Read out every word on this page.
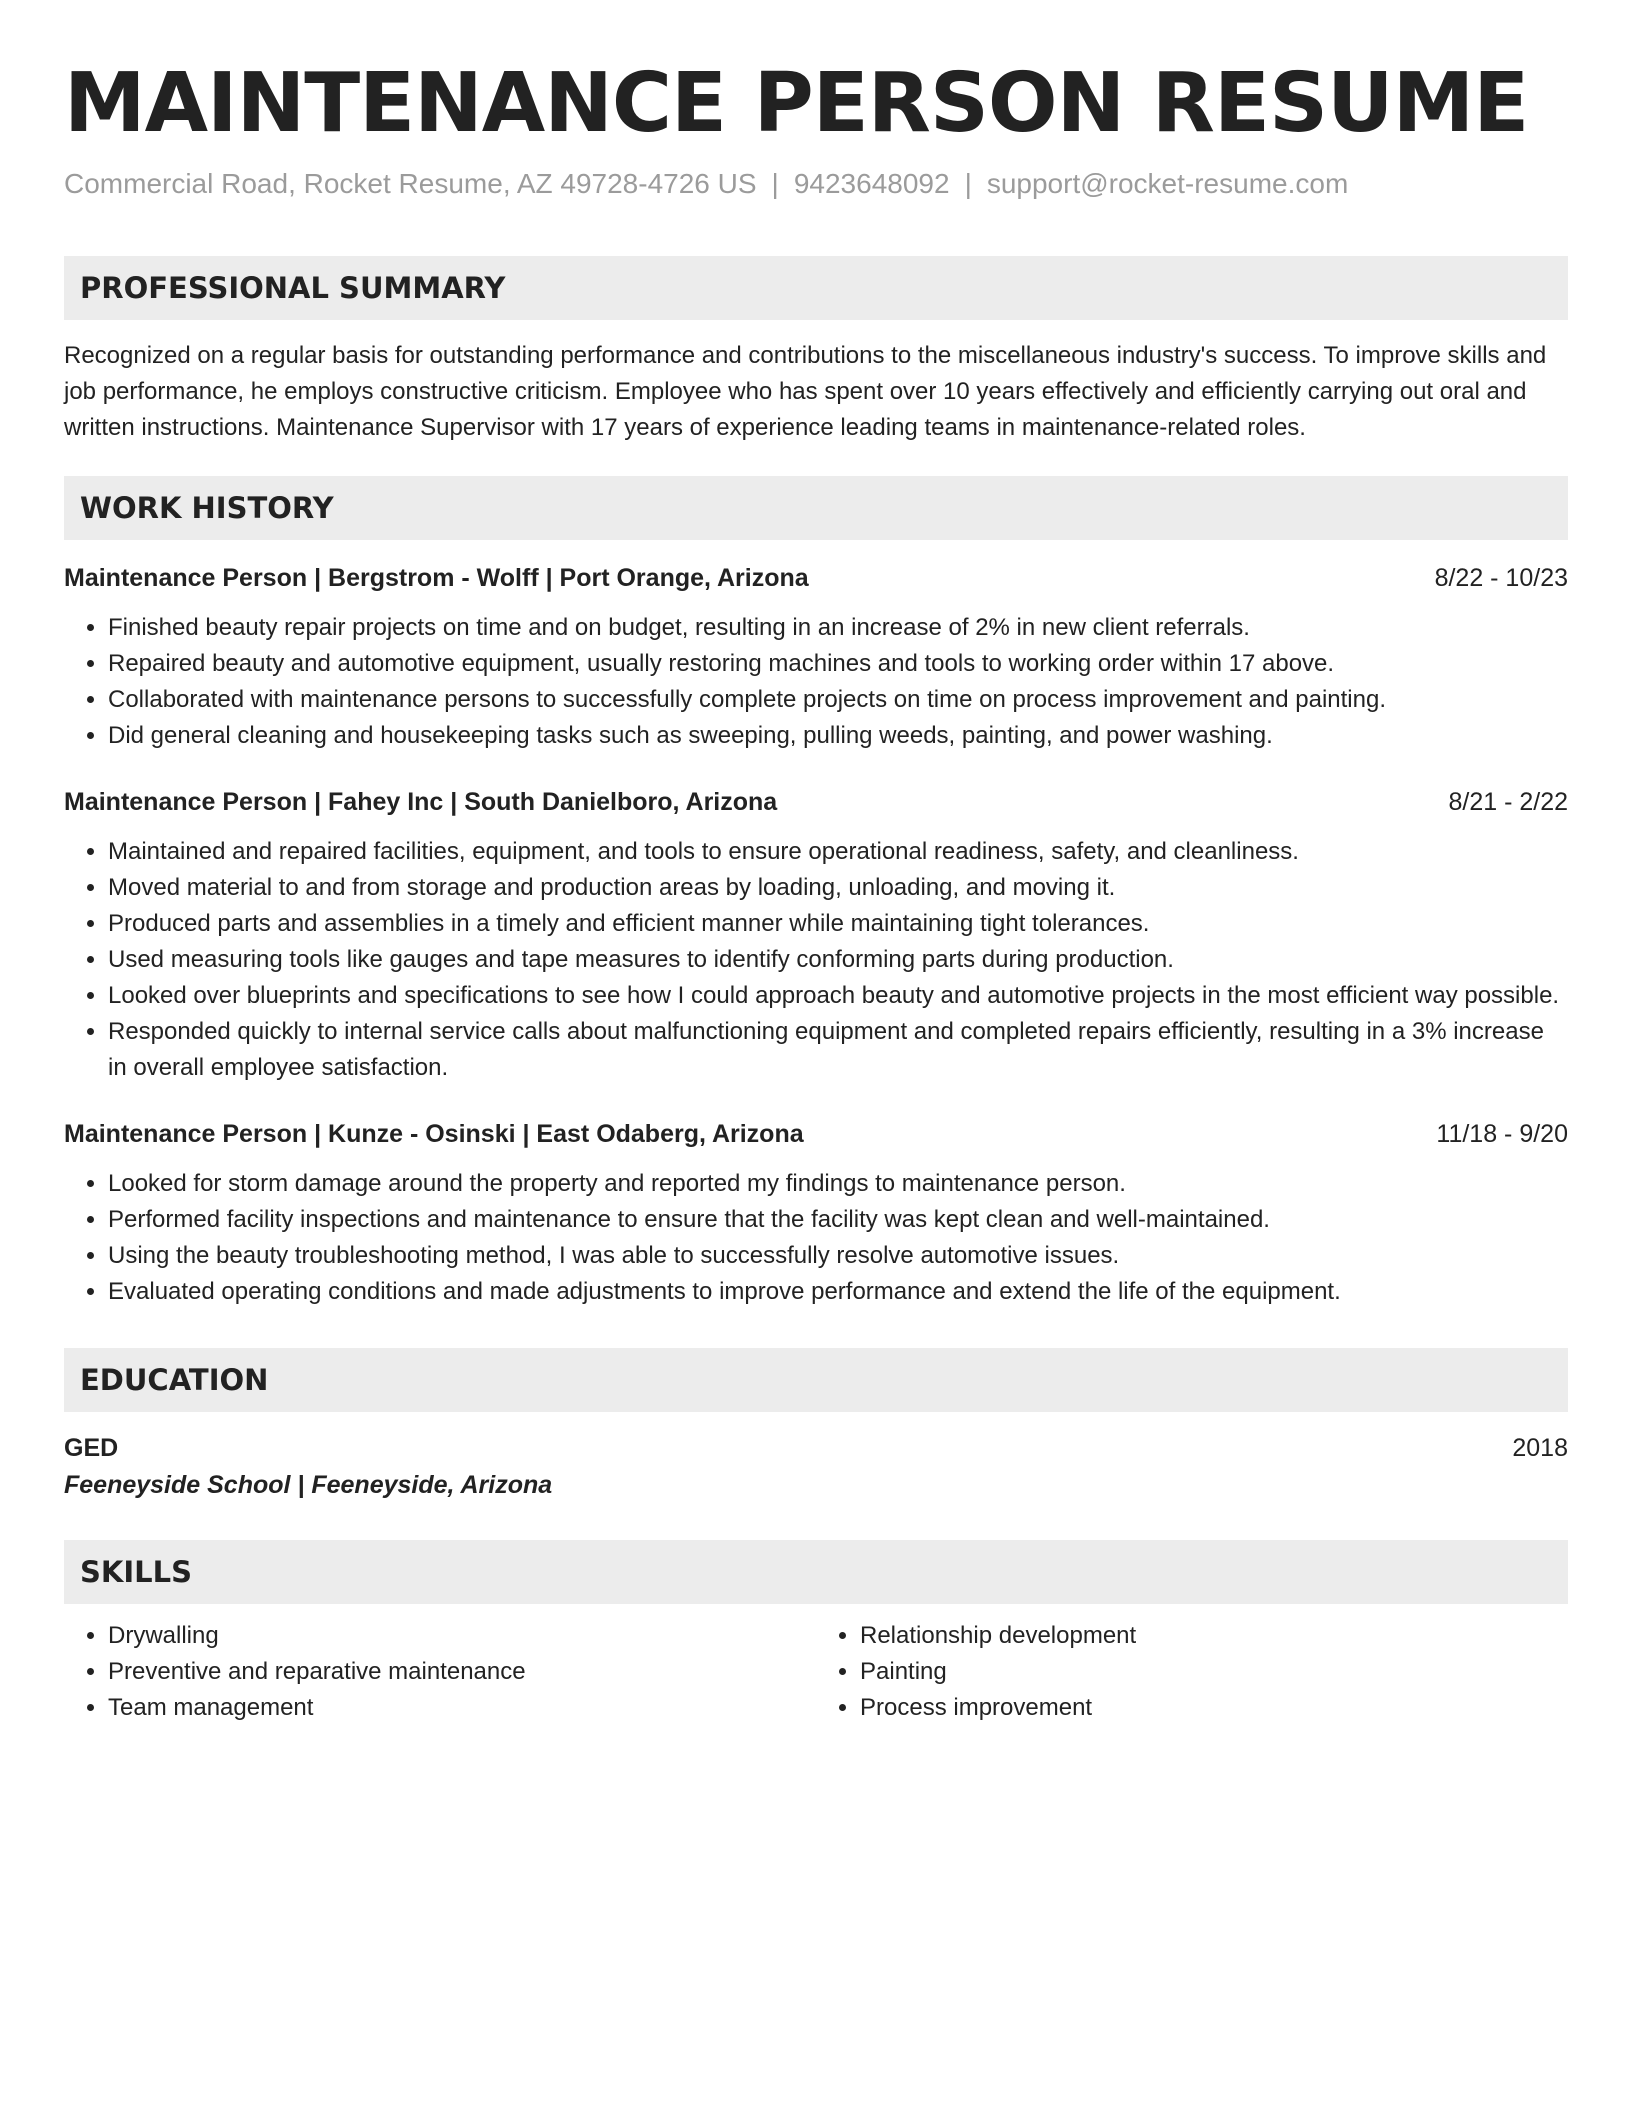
MAINTENANCE PERSON RESUME
Commercial Road, Rocket Resume, AZ 49728-4726 US | 9423648092 | support@rocket-resume.com
PROFESSIONAL SUMMARY

Recognized on a regular basis for outstanding performance and contributions to the miscellaneous industry's success. To improve skills and job performance, he employs constructive criticism. Employee who has spent over 10 years effectively and efficiently carrying out oral and written instructions. Maintenance Supervisor with 17 years of experience leading teams in maintenance-related roles.

WORK HISTORY
Maintenance Person | Bergstrom - Wolff | Port Orange, Arizona	8/22 - 10/23
• Finished beauty repair projects on time and on budget, resulting in an increase of 2% in new client referrals.
• Repaired beauty and automotive equipment, usually restoring machines and tools to working order within 17 above.
• Collaborated with maintenance persons to successfully complete projects on time on process improvement and painting.
• Did general cleaning and housekeeping tasks such as sweeping, pulling weeds, painting, and power washing.
Maintenance Person | Fahey Inc | South Danielboro, Arizona	8/21 - 2/22
• Maintained and repaired facilities, equipment, and tools to ensure operational readiness, safety, and cleanliness.
• Moved material to and from storage and production areas by loading, unloading, and moving it.
• Produced parts and assemblies in a timely and efficient manner while maintaining tight tolerances.
• Used measuring tools like gauges and tape measures to identify conforming parts during production.
• Looked over blueprints and specifications to see how I could approach beauty and automotive projects in the most efficient way possible.
• Responded quickly to internal service calls about malfunctioning equipment and completed repairs efficiently, resulting in a 3% increase in overall employee satisfaction.
Maintenance Person | Kunze - Osinski | East Odaberg, Arizona	11/18 - 9/20
• Looked for storm damage around the property and reported my findings to maintenance person.
• Performed facility inspections and maintenance to ensure that the facility was kept clean and well-maintained.
• Using the beauty troubleshooting method, I was able to successfully resolve automotive issues.
• Evaluated operating conditions and made adjustments to improve performance and extend the life of the equipment.
EDUCATION
GED	2018
Feeneyside School | Feeneyside, Arizona
SKILLS
• Drywalling
• Preventive and reparative maintenance
• Team management
• Relationship development
• Painting
• Process improvement
